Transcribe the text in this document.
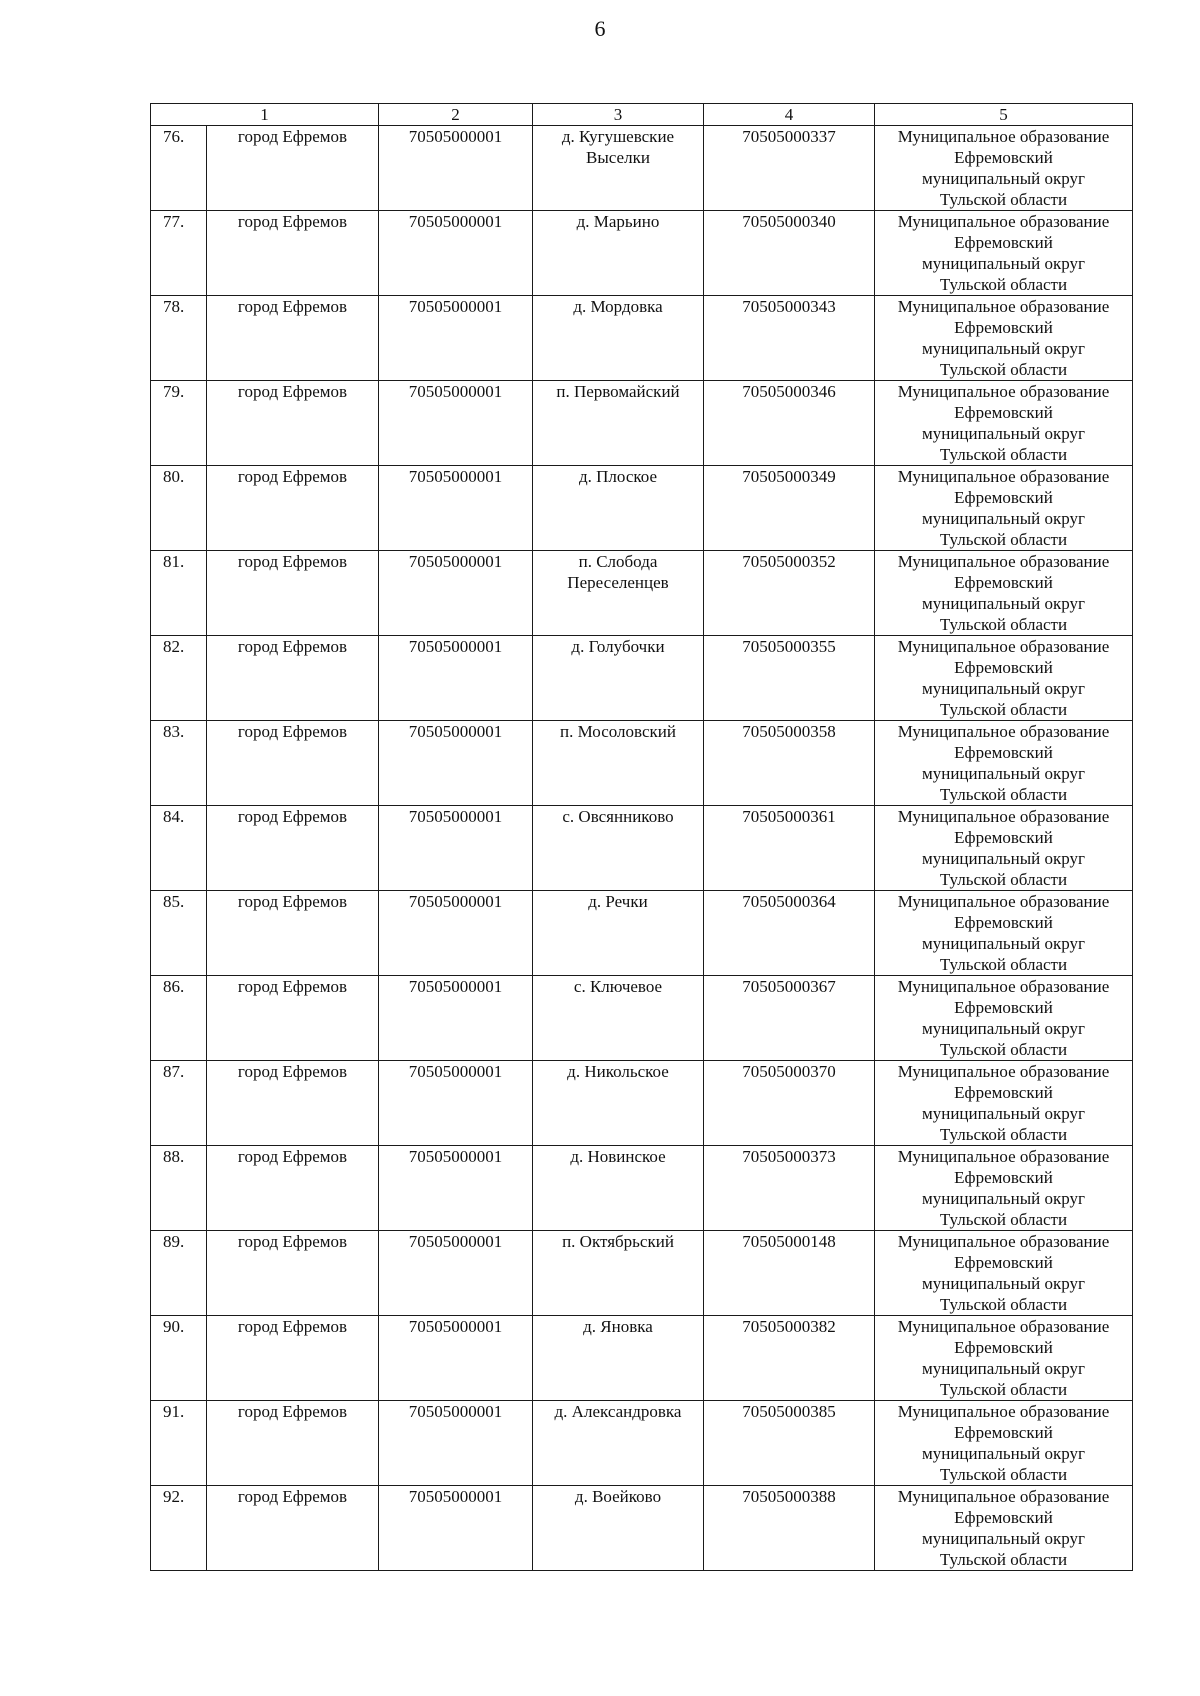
6
1		2	3	4	5
76.	город Ефремов	70505000001	д. Кугушевские Выселки	70505000337	Муниципальное образование
Ефремовский
муниципальный округ
Тульской области

77.	город Ефремов	70505000001	д. Марьино	70505000340	Муниципальное образование
Ефремовский
муниципальный округ
Тульской области

78.	город Ефремов	70505000001	д. Мордовка	70505000343	Муниципальное образование
Ефремовский
муниципальный округ
Тульской области

79.	город Ефремов	70505000001	п. Первомайский	70505000346	Муниципальное образование
Ефремовский
муниципальный округ
Тульской области

80.	город Ефремов	70505000001	д. Плоское	70505000349	Муниципальное образование
Ефремовский
муниципальный округ
Тульской области

81.	город Ефремов	70505000001	п. Слобода Переселенцев	70505000352	Муниципальное образование
Ефремовский
муниципальный округ
Тульской области

82.	город Ефремов	70505000001	д. Голубочки	70505000355	Муниципальное образование
Ефремовский
муниципальный округ
Тульской области

83.	город Ефремов	70505000001	п. Мосоловский	70505000358	Муниципальное образование
Ефремовский
муниципальный округ
Тульской области

84.	город Ефремов	70505000001	с. Овсянниково	70505000361	Муниципальное образование
Ефремовский
муниципальный округ
Тульской области

85.	город Ефремов	70505000001	д. Речки	70505000364	Муниципальное образование
Ефремовский
муниципальный округ
Тульской области

86.	город Ефремов	70505000001	с. Ключевое	70505000367	Муниципальное образование
Ефремовский
муниципальный округ
Тульской области

87.	город Ефремов	70505000001	д. Никольское	70505000370	Муниципальное образование
Ефремовский
муниципальный округ
Тульской области

88.	город Ефремов	70505000001	д. Новинское	70505000373	Муниципальное образование
Ефремовский
муниципальный округ
Тульской области

89.	город Ефремов	70505000001	п. Октябрьский	70505000148	Муниципальное образование
Ефремовский
муниципальный округ
Тульской области

90.	город Ефремов	70505000001	д. Яновка	70505000382	Муниципальное образование
Ефремовский
муниципальный округ
Тульской области

91.	город Ефремов	70505000001	д. Александровка	70505000385	Муниципальное образование
Ефремовский
муниципальный округ
Тульской области

92.	город Ефремов	70505000001	д. Воейково	70505000388	Муниципальное образование
Ефремовский
муниципальный округ
Тульской области
